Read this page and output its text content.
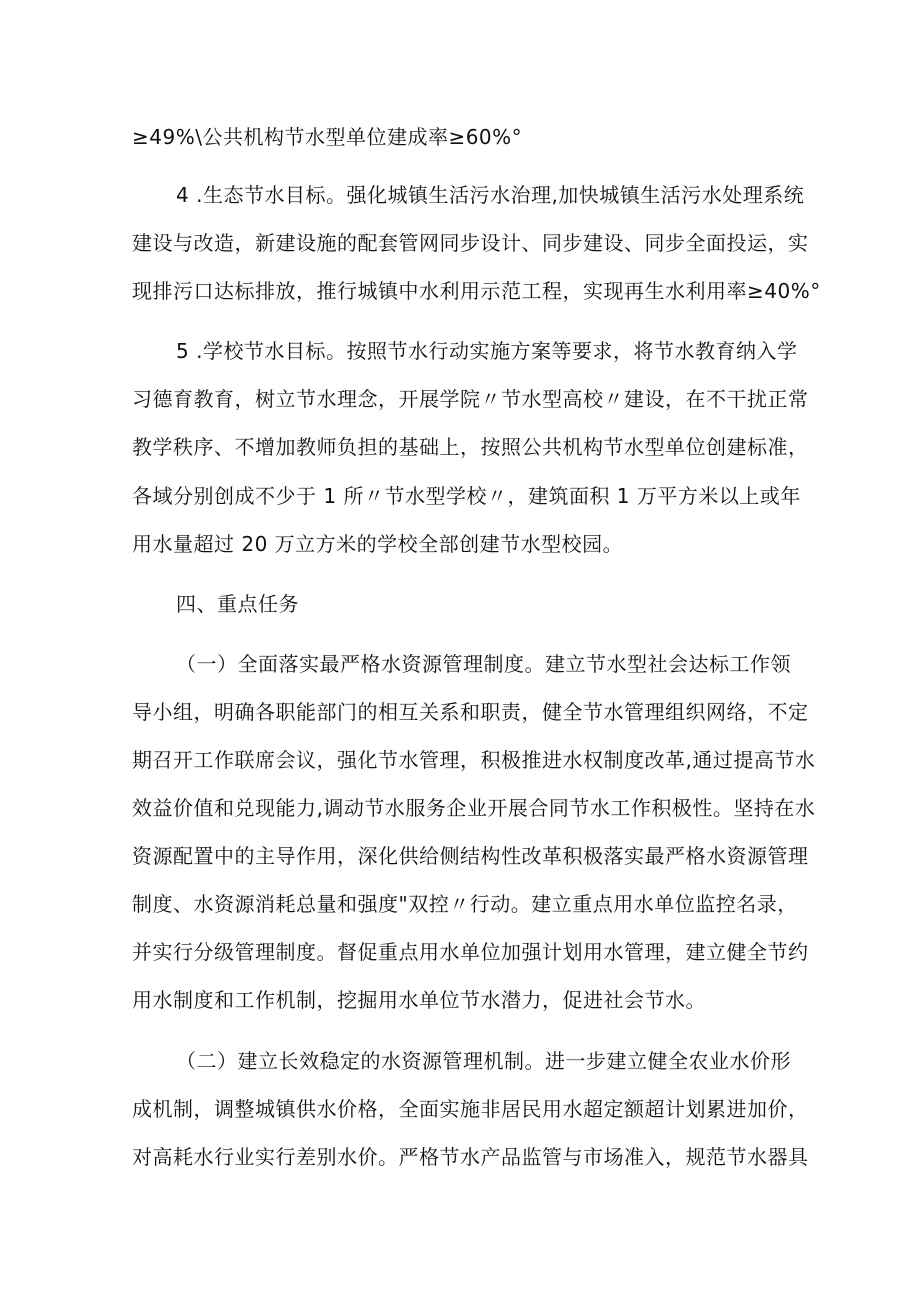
≥49%\公共机构节水型单位建成率≥60%°
4 .生态节水目标。强化城镇生活污水治理,加快城镇生活污水处理系统
建设与改造，新建设施的配套管网同步设计、同步建设、同步全面投运，实
现排污口达标排放，推行城镇中水利用示范工程，实现再生水利用率≥40%°
5 .学校节水目标。按照节水行动实施方案等要求，将节水教育纳入学
习德育教育，树立节水理念，开展学院〃节水型高校〃建设，在不干扰正常
教学秩序、不增加教师负担的基础上，按照公共机构节水型单位创建标准，
各域分别创成不少于 1 所〃节水型学校〃，建筑面积 1 万平方米以上或年
用水量超过 20 万立方米的学校全部创建节水型校园。
四、重点任务
（一）全面落实最严格水资源管理制度。建立节水型社会达标工作领
导小组，明确各职能部门的相互关系和职责，健全节水管理组织网络，不定
期召开工作联席会议，强化节水管理，积极推进水权制度改革,通过提高节水
效益价值和兑现能力,调动节水服务企业开展合同节水工作积极性。坚持在水
资源配置中的主导作用，深化供给侧结构性改革积极落实最严格水资源管理
制度、水资源消耗总量和强度"双控〃行动。建立重点用水单位监控名录，
并实行分级管理制度。督促重点用水单位加强计划用水管理，建立健全节约
用水制度和工作机制，挖掘用水单位节水潜力，促进社会节水。
（二）建立长效稳定的水资源管理机制。进一步建立健全农业水价形
成机制，调整城镇供水价格，全面实施非居民用水超定额超计划累进加价，
对高耗水行业实行差别水价。严格节水产品监管与市场准入，规范节水器具
